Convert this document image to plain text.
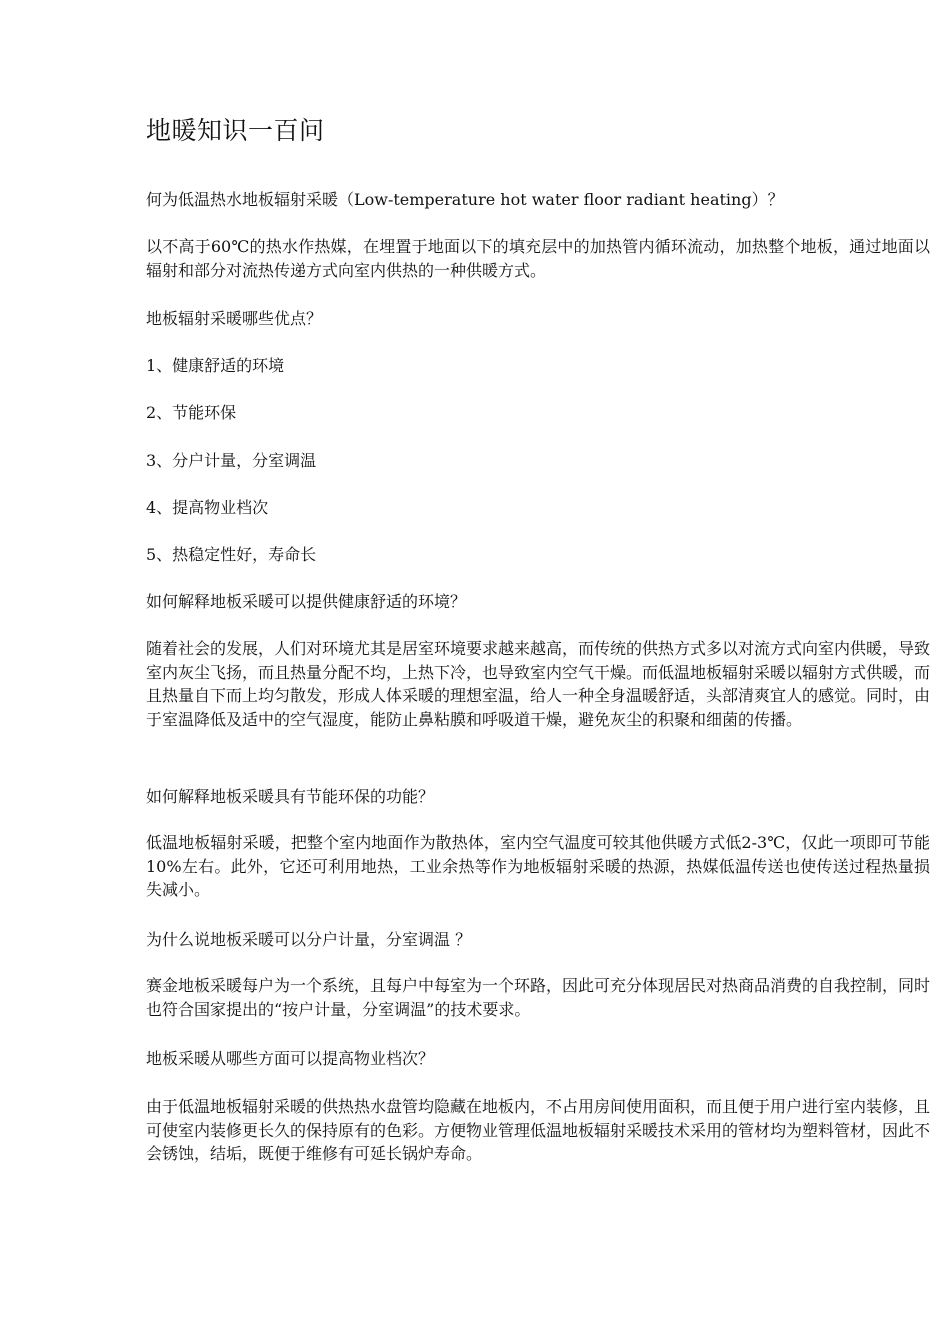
地暖知识一百问

何为低温热水地板辐射采暖（Low-temperature hot water floor radiant heating）？

以不高于60℃的热水作热媒，在埋置于地面以下的填充层中的加热管内循环流动，加热整个地板，通过地面以辐射和部分对流热传递方式向室内供热的一种供暖方式。

地板辐射采暖哪些优点？

1、健康舒适的环境

2、节能环保

3、分户计量，分室调温

4、提高物业档次

5、热稳定性好，寿命长

如何解释地板采暖可以提供健康舒适的环境？

随着社会的发展，人们对环境尤其是居室环境要求越来越高，而传统的供热方式多以对流方式向室内供暖，导致室内灰尘飞扬，而且热量分配不均，上热下冷，也导致室内空气干燥。而低温地板辐射采暖以辐射方式供暖，而且热量自下而上均匀散发，形成人体采暖的理想室温，给人一种全身温暖舒适，头部清爽宜人的感觉。同时，由于室温降低及适中的空气湿度，能防止鼻粘膜和呼吸道干燥，避免灰尘的积聚和细菌的传播。

如何解释地板采暖具有节能环保的功能？

低温地板辐射采暖，把整个室内地面作为散热体，室内空气温度可较其他供暖方式低2-3℃，仅此一项即可节能 10%左右。此外，它还可利用地热，工业余热等作为地板辐射采暖的热源，热媒低温传送也使传送过程热量损失减小。

为什么说地板采暖可以分户计量，分室调温 ？

赛金地板采暖每户为一个系统，且每户中每室为一个环路，因此可充分体现居民对热商品消费的自我控制，同时也符合国家提出的“按户计量，分室调温”的技术要求。

地板采暖从哪些方面可以提高物业档次？

由于低温地板辐射采暖的供热热水盘管均隐藏在地板内，不占用房间使用面积，而且便于用户进行室内装修，且可使室内装修更长久的保持原有的色彩。方便物业管理低温地板辐射采暖技术采用的管材均为塑料管材，因此不会锈蚀，结垢，既便于维修有可延长锅炉寿命。
